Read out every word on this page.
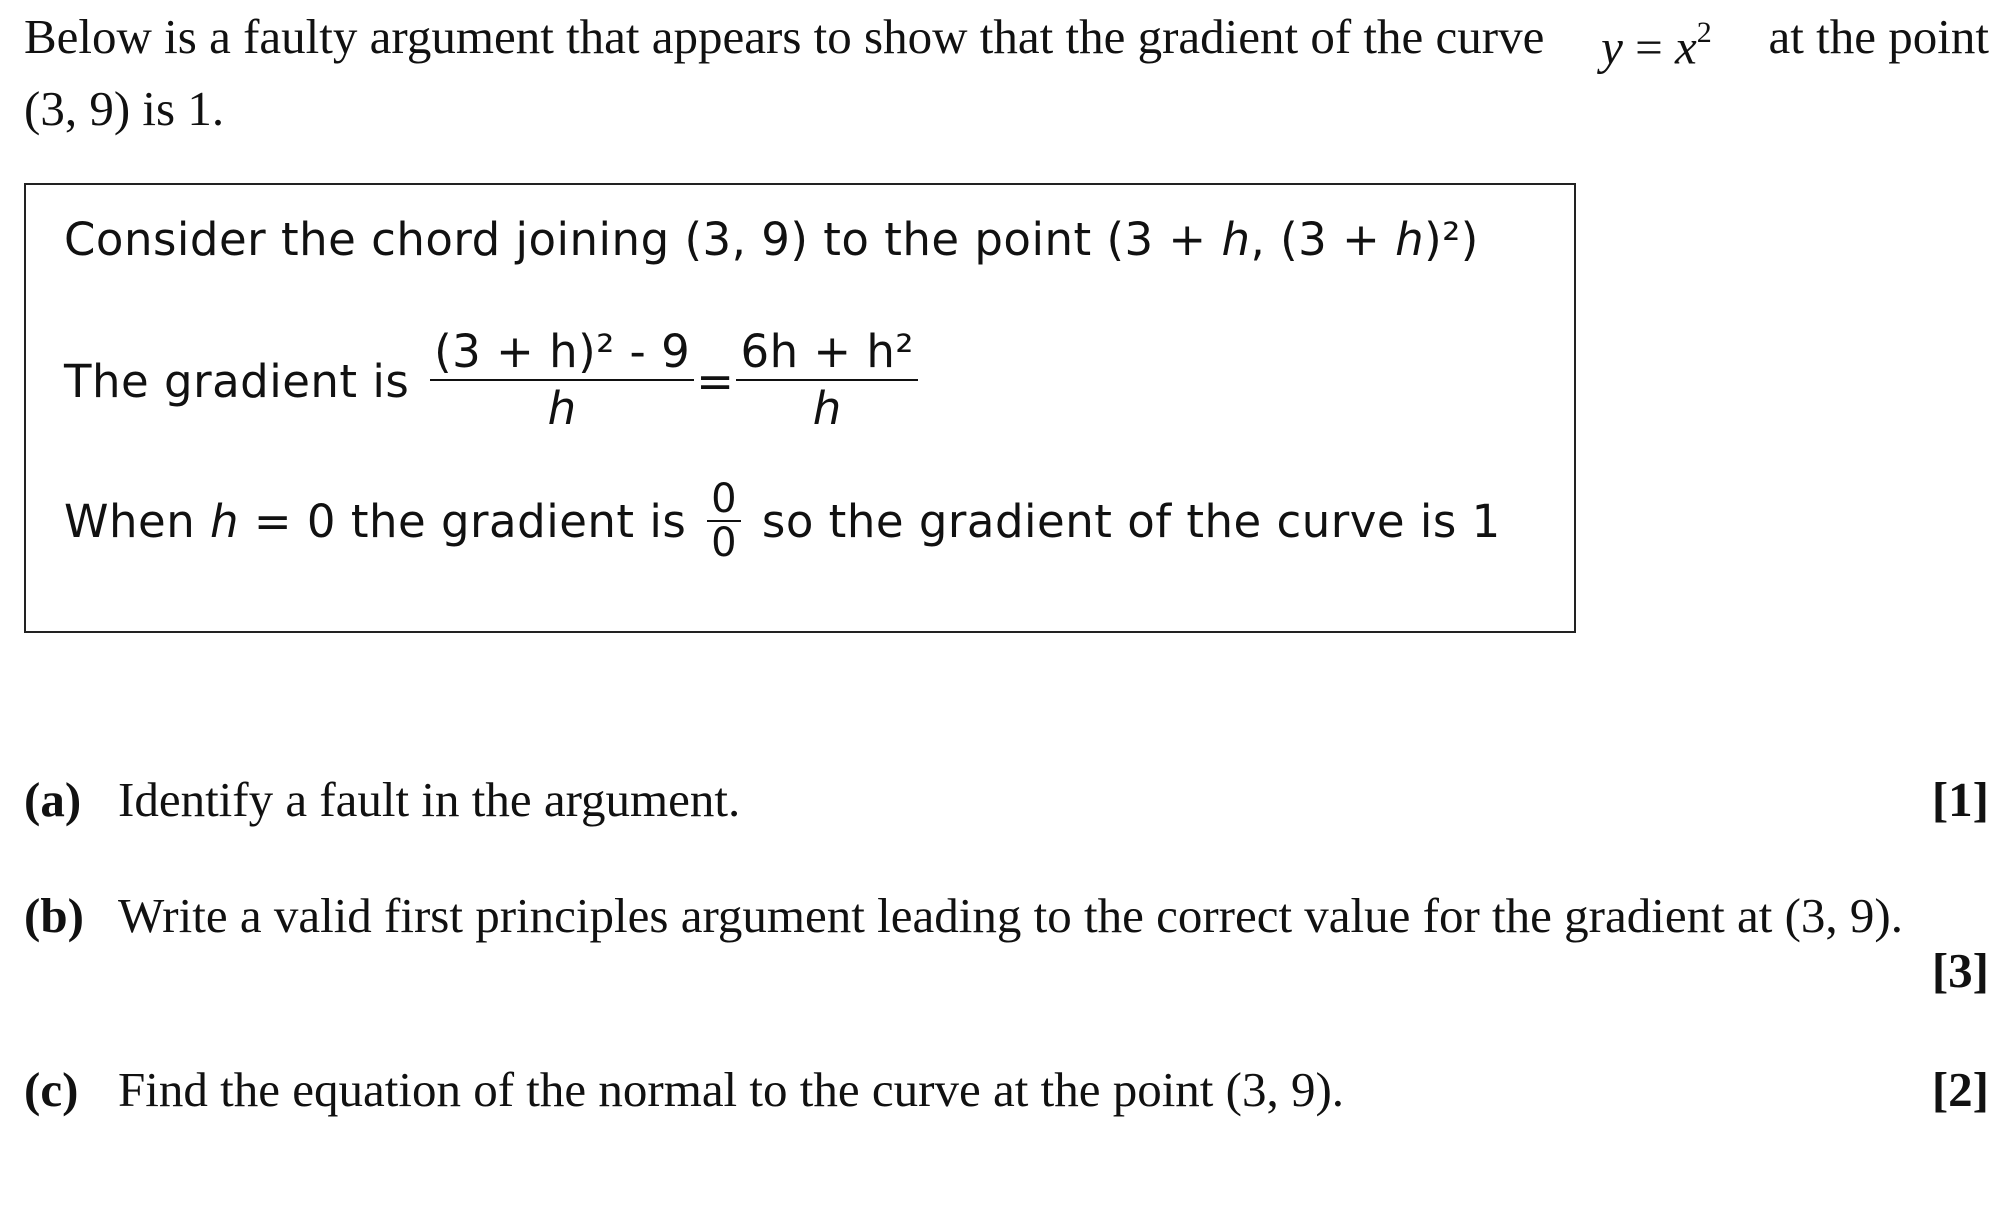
Below is a faulty argument that appears to show that the gradient of the curve $y = x^2$ at the point
(3, 9) is 1.
Consider the chord joining (3, 9) to the point (3 + h, (3 + h)²)
The gradient is $\frac{\text{(3 + h)² - 9}}{h} = \frac{\text{6h + h²}}{h}$
When h = 0 the gradient is $\frac{0}{0}$ so the gradient of the curve is 1
(a) Identify a fault in the argument.	[1]
(b) Write a valid first principles argument leading to the correct value for the gradient at (3, 9).
[3]
(c) Find the equation of the normal to the curve at the point (3, 9).	[2]
